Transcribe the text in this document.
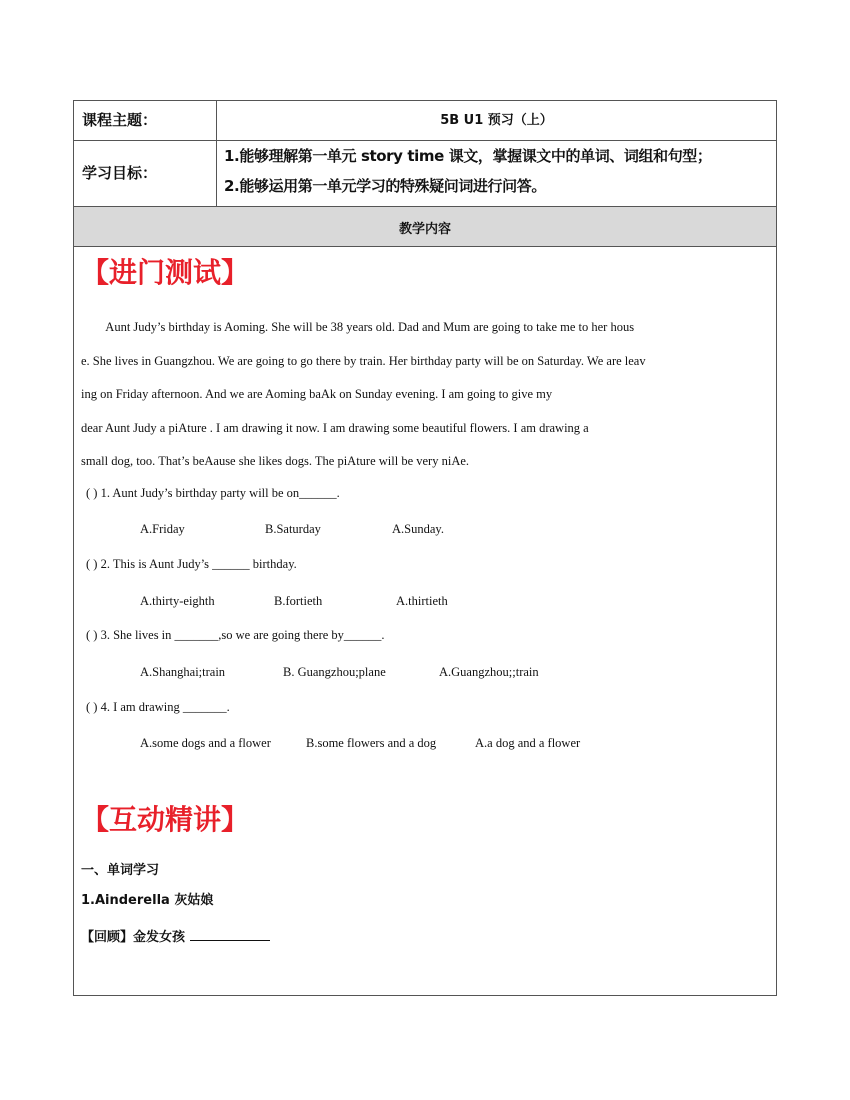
课程主题：	5B U1 预习（上）
学习目标：
1.能够理解第一单元 story time 课文，掌握课文中的单词、词组和句型；
2.能够运用第一单元学习的特殊疑问词进行问答。
教学内容
【进门测试】

Aunt Judy’s birthday is Aoming. She will be 38 years old. Dad and Mum are going to take me to her hous

e. She lives in Guangzhou. We are going to go there by train. Her birthday party will be on Saturday. We are leav

ing on Friday afternoon. And we are Aoming baAk on Sunday evening. I am going to give my

dear Aunt Judy a piAture . I am drawing it now. I am drawing some beautiful flowers. I am drawing a

small dog, too. That’s beAause she likes dogs. The piAture will be very niAe.

( ) 1. Aunt Judy’s birthday party will be on______.
A.Friday	B.Saturday	A.Sunday.
( ) 2. This is Aunt Judy’s ______ birthday.
A.thirty-eighth	B.fortieth	A.thirtieth
( ) 3. She lives in _______,so we are going there by______.
A.Shanghai;train	B. Guangzhou;plane	A.Guangzhou;;train
( ) 4. I am drawing _______.
A.some dogs and a flower	B.some flowers and a dog	A.a dog and a flower
【互动精讲】
一、单词学习
1.Ainderella 灰姑娘
【回顾】金发女孩
